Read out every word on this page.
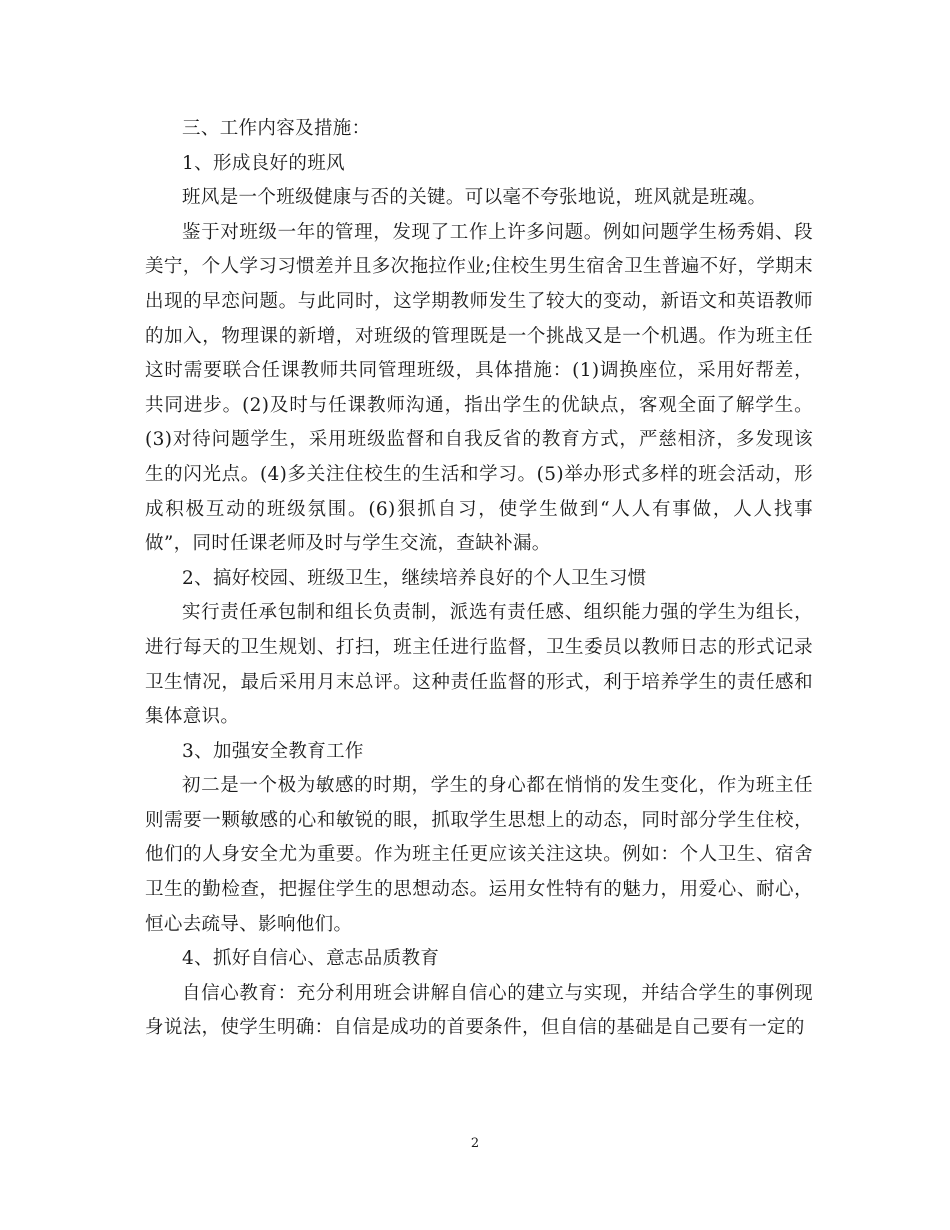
三、工作内容及措施：

1、形成良好的班风

班风是一个班级健康与否的关键。可以毫不夸张地说，班风就是班魂。

鉴于对班级一年的管理，发现了工作上许多问题。例如问题学生杨秀娟、段美宁，个人学习习惯差并且多次拖拉作业;住校生男生宿舍卫生普遍不好，学期末出现的早恋问题。与此同时，这学期教师发生了较大的变动，新语文和英语教师的加入，物理课的新增，对班级的管理既是一个挑战又是一个机遇。作为班主任这时需要联合任课教师共同管理班级，具体措施：(1)调换座位，采用好帮差，共同进步。(2)及时与任课教师沟通，指出学生的优缺点，客观全面了解学生。(3)对待问题学生，采用班级监督和自我反省的教育方式，严慈相济，多发现该生的闪光点。(4)多关注住校生的生活和学习。(5)举办形式多样的班会活动，形成积极互动的班级氛围。(6)狠抓自习，使学生做到“人人有事做，人人找事做”，同时任课老师及时与学生交流，查缺补漏。

2、搞好校园、班级卫生，继续培养良好的个人卫生习惯

实行责任承包制和组长负责制，派选有责任感、组织能力强的学生为组长，进行每天的卫生规划、打扫，班主任进行监督，卫生委员以教师日志的形式记录卫生情况，最后采用月末总评。这种责任监督的形式，利于培养学生的责任感和集体意识。

3、加强安全教育工作

初二是一个极为敏感的时期，学生的身心都在悄悄的发生变化，作为班主任则需要一颗敏感的心和敏锐的眼，抓取学生思想上的动态，同时部分学生住校，他们的人身安全尤为重要。作为班主任更应该关注这块。例如：个人卫生、宿舍卫生的勤检查，把握住学生的思想动态。运用女性特有的魅力，用爱心、耐心，恒心去疏导、影响他们。

4、抓好自信心、意志品质教育

自信心教育：充分利用班会讲解自信心的建立与实现，并结合学生的事例现身说法，使学生明确：自信是成功的首要条件，但自信的基础是自己要有一定的

2
